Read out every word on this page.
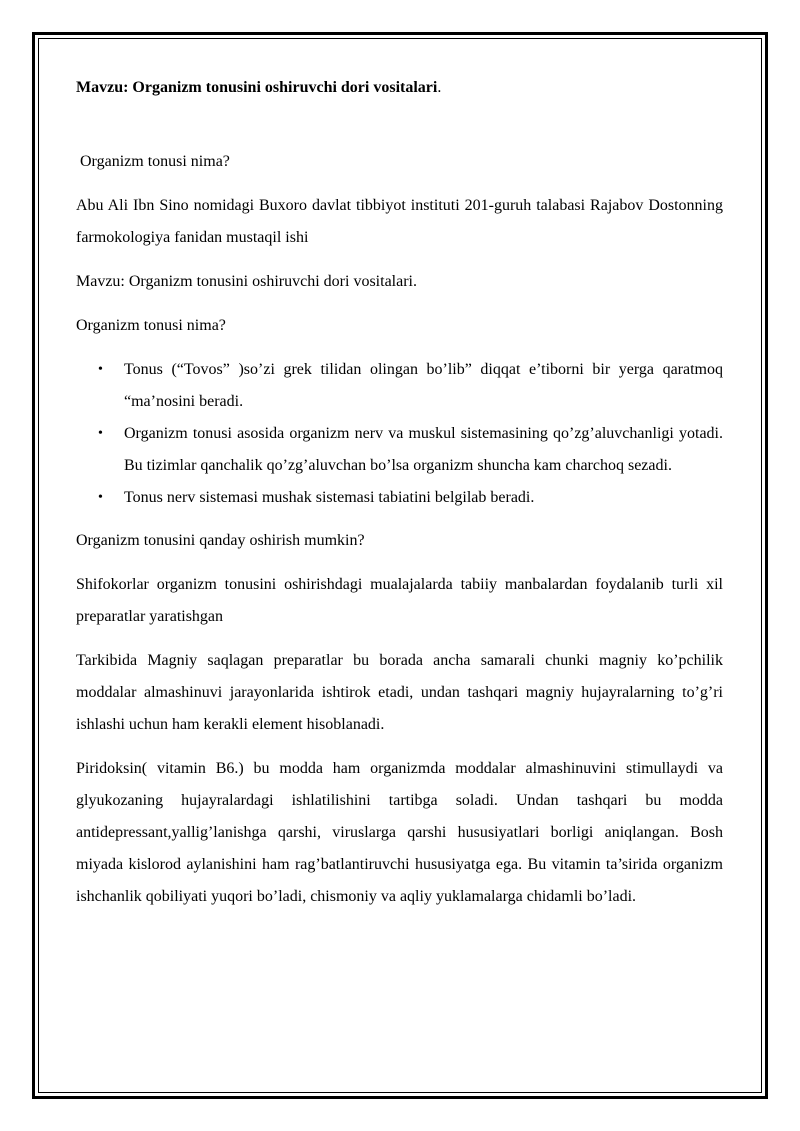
Mavzu: Organizm tonusini oshiruvchi dori vositalari.

Organizm tonusi nima?

Abu Ali Ibn Sino nomidagi Buxoro davlat tibbiyot instituti 201-guruh talabasi Rajabov Dostonning farmokologiya fanidan mustaqil ishi

Mavzu: Organizm tonusini oshiruvchi dori vositalari.

Organizm tonusi nima?

• Tonus (“Tovos” )so’zi grek tilidan olingan bo’lib” diqqat e’tiborni bir yerga qaratmoq “ma’nosini beradi.
• Organizm tonusi asosida organizm nerv va muskul sistemasining qo’zg’aluvchanligi yotadi. Bu tizimlar qanchalik qo’zg’aluvchan bo’lsa organizm shuncha kam charchoq sezadi.
• Tonus nerv sistemasi mushak sistemasi tabiatini belgilab beradi.

Organizm tonusini qanday oshirish mumkin?

Shifokorlar organizm tonusini oshirishdagi mualajalarda tabiiy manbalardan foydalanib turli xil preparatlar yaratishgan

Tarkibida Magniy saqlagan preparatlar bu borada ancha samarali chunki magniy ko’pchilik moddalar almashinuvi jarayonlarida ishtirok etadi, undan tashqari magniy hujayralarning to’g’ri ishlashi uchun ham kerakli element hisoblanadi.

Piridoksin( vitamin B6.) bu modda ham organizmda moddalar almashinuvini stimullaydi va glyukozaning hujayralardagi ishlatilishini tartibga soladi. Undan tashqari bu modda antidepressant,yallig’lanishga qarshi, viruslarga qarshi hususiyatlari borligi aniqlangan. Bosh miyada kislorod aylanishini ham rag’batlantiruvchi hususiyatga ega. Bu vitamin ta’sirida organizm ishchanlik qobiliyati yuqori bo’ladi, chismoniy va aqliy yuklamalarga chidamli bo’ladi.
